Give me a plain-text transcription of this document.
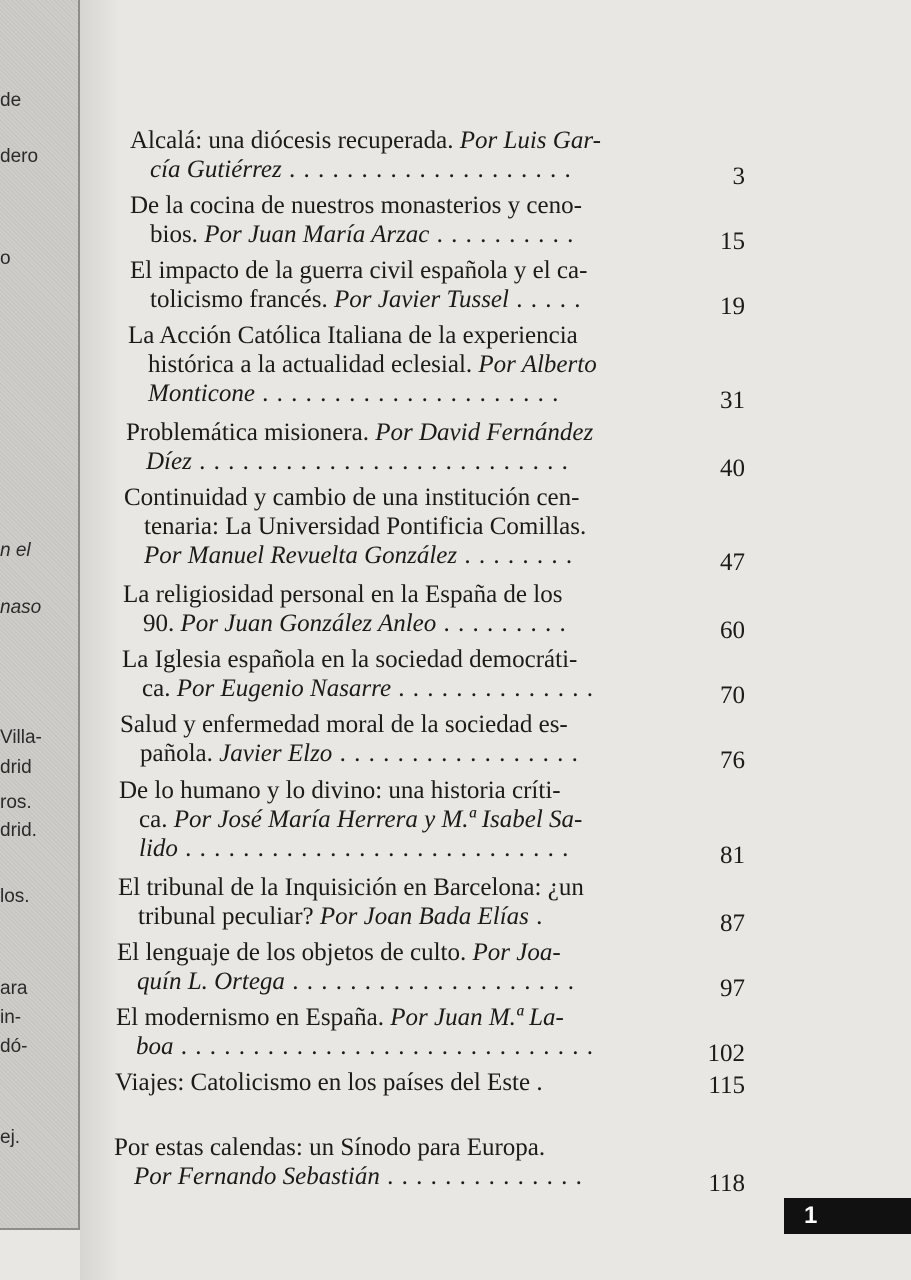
de
dero
o
n el
naso
Villa-
drid
ros.
drid.
los.
ara
in-
dó-
ej.
Alcalá: una diócesis recuperada. Por Luis Gar-
cía Gutiérrez . . . . . . . . . . . . . . . . . . . .	3
De la cocina de nuestros monasterios y ceno-
bios. Por Juan María Arzac . . . . . . . . . .	15
El impacto de la guerra civil española y el ca-
tolicismo francés. Por Javier Tussel . . . . .	19
La Acción Católica Italiana de la experiencia
histórica a la actualidad eclesial. Por Alberto
Monticone . . . . . . . . . . . . . . . . . . . . .	31
Problemática misionera. Por David Fernández
Díez . . . . . . . . . . . . . . . . . . . . . . . . . .	40
Continuidad y cambio de una institución cen-
tenaria: La Universidad Pontificia Comillas.
Por Manuel Revuelta González . . . . . . . .	47
La religiosidad personal en la España de los
90. Por Juan González Anleo . . . . . . . . .	60
La Iglesia española en la sociedad democráti-
ca. Por Eugenio Nasarre . . . . . . . . . . . . . .	70
Salud y enfermedad moral de la sociedad es-
pañola. Javier Elzo . . . . . . . . . . . . . . . . .	76
De lo humano y lo divino: una historia críti-
ca. Por José María Herrera y M.ª Isabel Sa-
lido . . . . . . . . . . . . . . . . . . . . . . . . . . .	81
El tribunal de la Inquisición en Barcelona: ¿un
tribunal peculiar? Por Joan Bada Elías .	87
El lenguaje de los objetos de culto. Por Joa-
quín L. Ortega . . . . . . . . . . . . . . . . . . . .	97
El modernismo en España. Por Juan M.ª La-
boa . . . . . . . . . . . . . . . . . . . . . . . . . . . . .	102
Viajes: Catolicismo en los países del Este .	115
Por estas calendas: un Sínodo para Europa.
Por Fernando Sebastián . . . . . . . . . . . . . .	118
1
